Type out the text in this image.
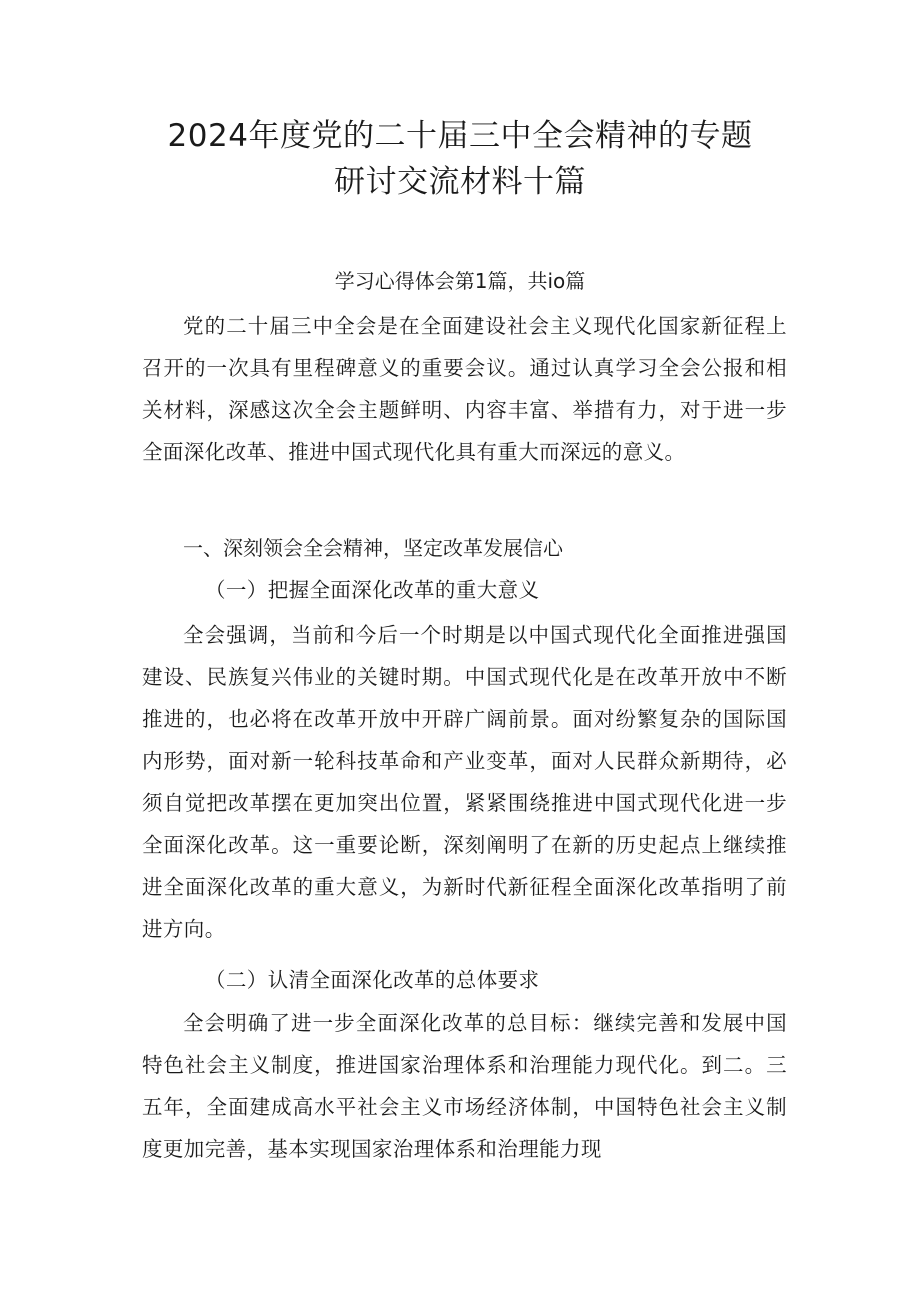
2024年度党的二十届三中全会精神的专题
研讨交流材料十篇
学习心得体会第1篇，共io篇

党的二十届三中全会是在全面建设社会主义现代化国家新征程上召开的一次具有里程碑意义的重要会议。通过认真学习全会公报和相关材料，深感这次全会主题鲜明、内容丰富、举措有力，对于进一步全面深化改革、推进中国式现代化具有重大而深远的意义。

一、深刻领会全会精神，坚定改革发展信心
（一）把握全面深化改革的重大意义

全会强调，当前和今后一个时期是以中国式现代化全面推进强国建设、民族复兴伟业的关键时期。中国式现代化是在改革开放中不断推进的，也必将在改革开放中开辟广阔前景。面对纷繁复杂的国际国内形势，面对新一轮科技革命和产业变革，面对人民群众新期待，必须自觉把改革摆在更加突出位置，紧紧围绕推进中国式现代化进一步全面深化改革。这一重要论断，深刻阐明了在新的历史起点上继续推进全面深化改革的重大意义，为新时代新征程全面深化改革指明了前进方向。

（二）认清全面深化改革的总体要求

全会明确了进一步全面深化改革的总目标：继续完善和发展中国特色社会主义制度，推进国家治理体系和治理能力现代化。到二。三五年，全面建成高水平社会主义市场经济体制，中国特色社会主义制度更加完善，基本实现国家治理体系和治理能力现
